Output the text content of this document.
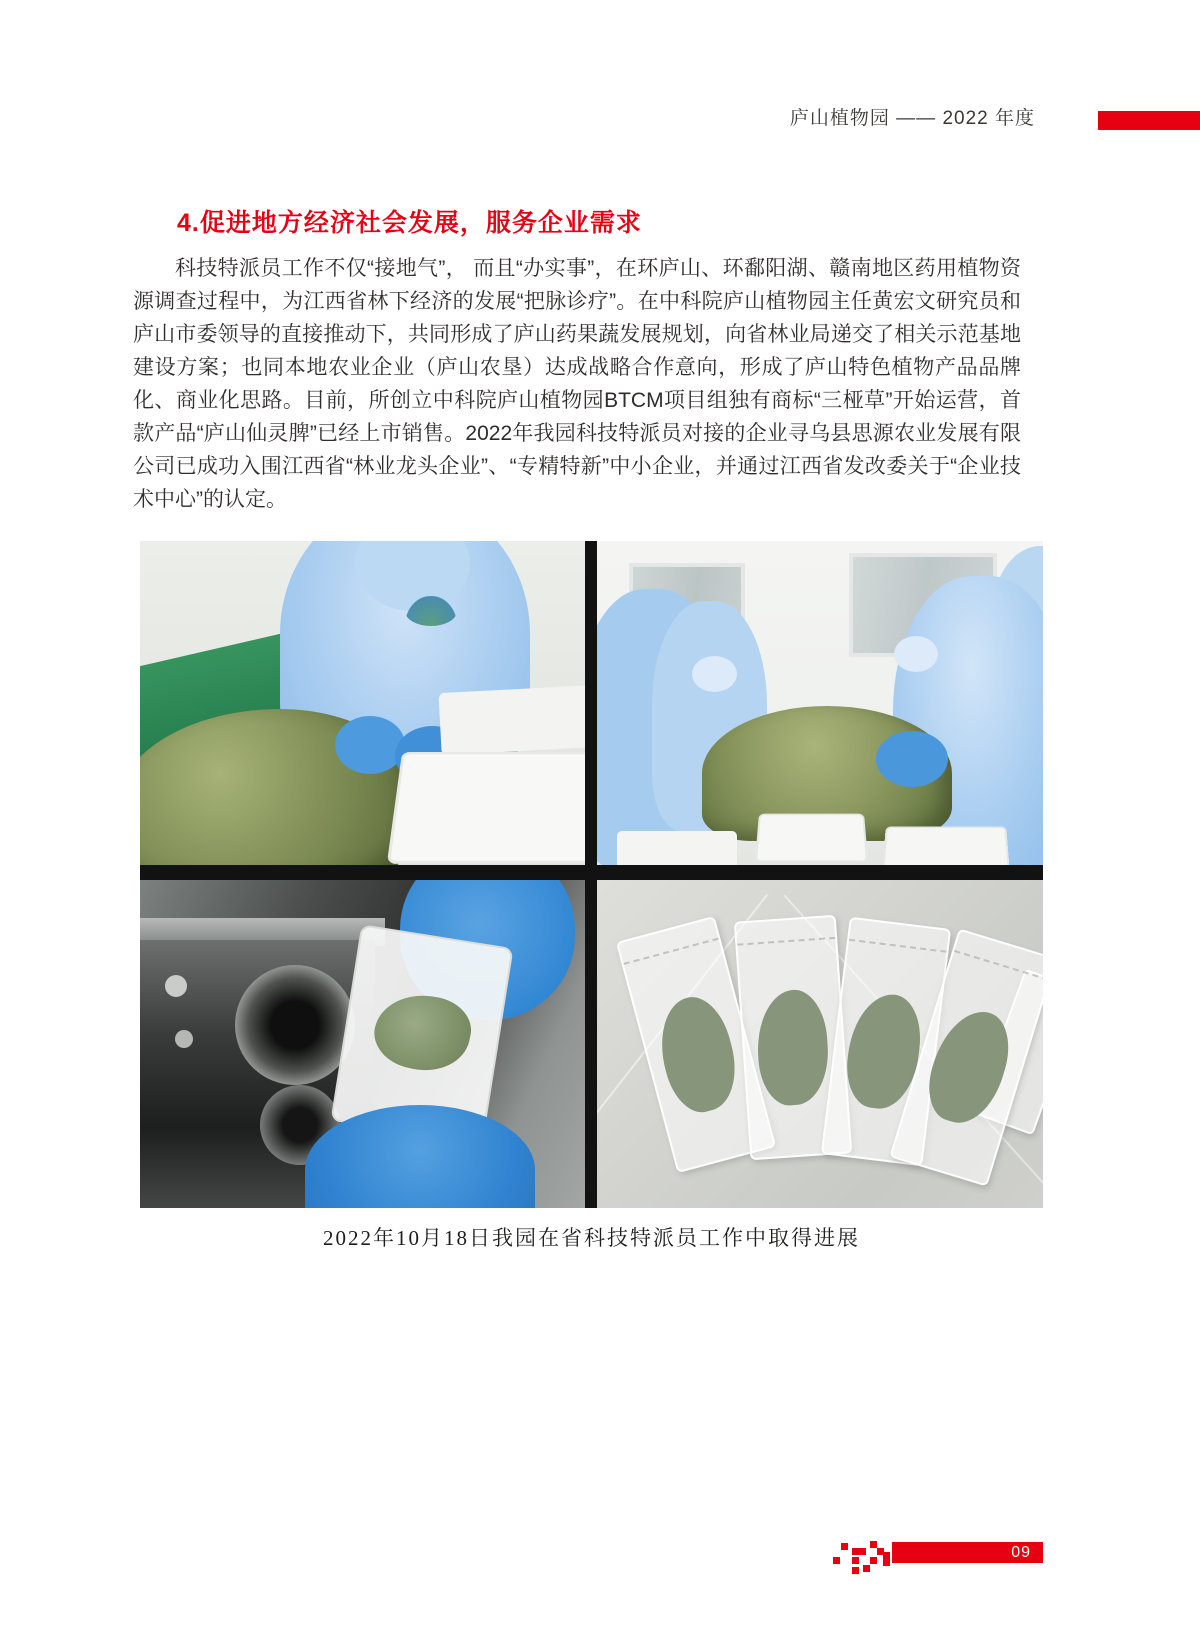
庐山植物园 —— 2022 年度
4.促进地方经济社会发展，服务企业需求

科技特派员工作不仅“接地气”， 而且“办实事”，在环庐山、环鄱阳湖、赣南地区药用植物资源调查过程中，为江西省林下经济的发展“把脉诊疗”。在中科院庐山植物园主任黄宏文研究员和庐山市委领导的直接推动下，共同形成了庐山药果蔬发展规划，向省林业局递交了相关示范基地建设方案；也同本地农业企业（庐山农垦）达成战略合作意向，形成了庐山特色植物产品品牌化、商业化思路。目前，所创立中科院庐山植物园BTCM项目组独有商标“三桠草”开始运营，首款产品“庐山仙灵脾”已经上市销售。2022年我园科技特派员对接的企业寻乌县思源农业发展有限公司已成功入围江西省“林业龙头企业”、“专精特新”中小企业，并通过江西省发改委关于“企业技术中心”的认定。

2022年10月18日我园在省科技特派员工作中取得进展
09
